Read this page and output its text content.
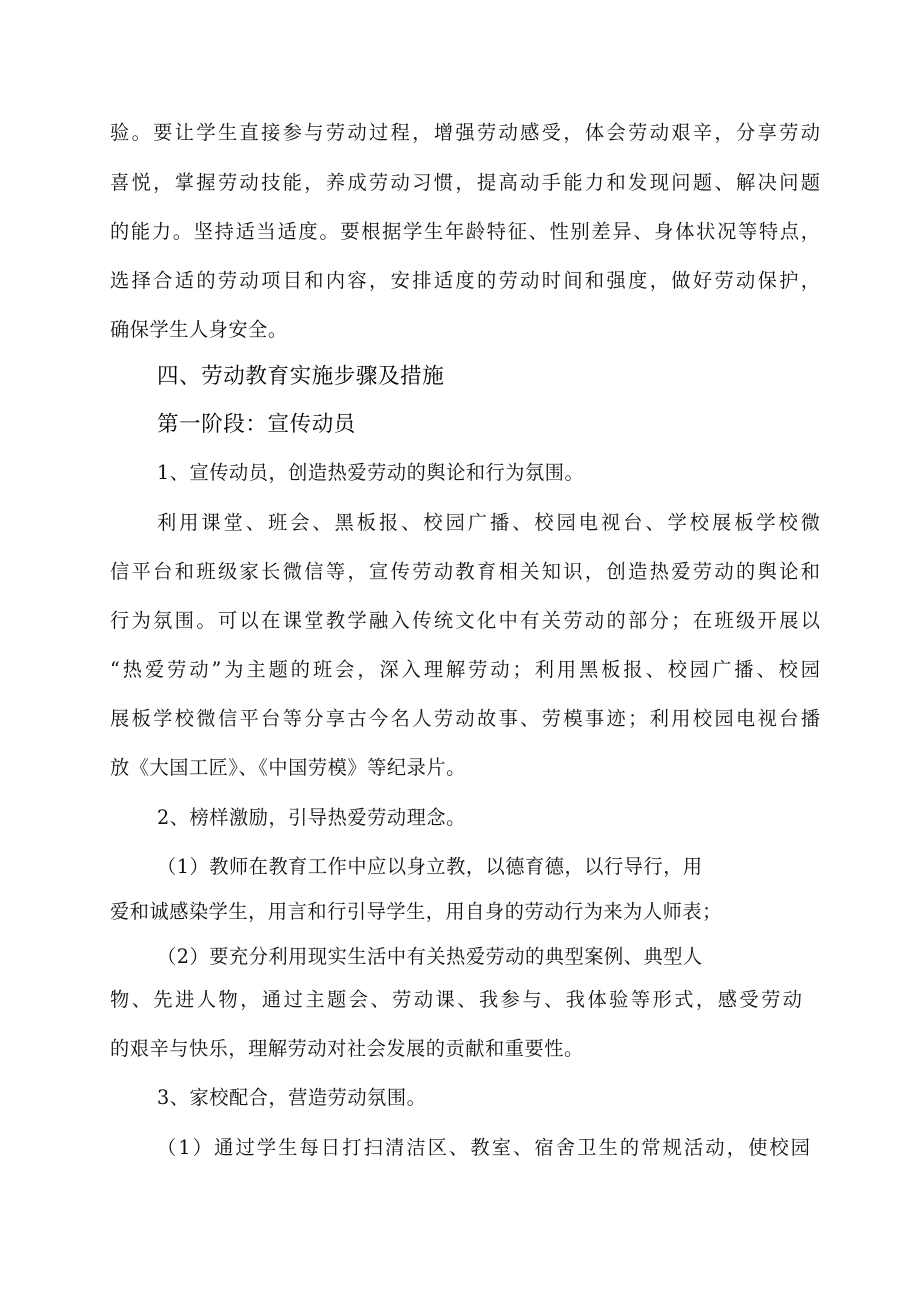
验。要让学生直接参与劳动过程，增强劳动感受，体会劳动艰辛，分享劳动
喜悦，掌握劳动技能，养成劳动习惯，提高动手能力和发现问题、解决问题
的能力。坚持适当适度。要根据学生年龄特征、性别差异、身体状况等特点，
选择合适的劳动项目和内容，安排适度的劳动时间和强度，做好劳动保护，
确保学生人身安全。
四、劳动教育实施步骤及措施
第一阶段：宣传动员
1、宣传动员，创造热爱劳动的舆论和行为氛围。
利用课堂、班会、黑板报、校园广播、校园电视台、学校展板学校微
信平台和班级家长微信等，宣传劳动教育相关知识，创造热爱劳动的舆论和
行为氛围。可以在课堂教学融入传统文化中有关劳动的部分；在班级开展以
“热爱劳动”为主题的班会，深入理解劳动；利用黑板报、校园广播、校园
展板学校微信平台等分享古今名人劳动故事、劳模事迹；利用校园电视台播
放《大国工匠》、《中国劳模》等纪录片。
2、榜样激励，引导热爱劳动理念。
（1）教师在教育工作中应以身立教，以德育德，以行导行，用
爱和诚感染学生，用言和行引导学生，用自身的劳动行为来为人师表；
（2）要充分利用现实生活中有关热爱劳动的典型案例、典型人
物、先进人物，通过主题会、劳动课、我参与、我体验等形式，感受劳动
的艰辛与快乐，理解劳动对社会发展的贡献和重要性。
3、家校配合，营造劳动氛围。
（1）通过学生每日打扫清洁区、教室、宿舍卫生的常规活动，使校园
